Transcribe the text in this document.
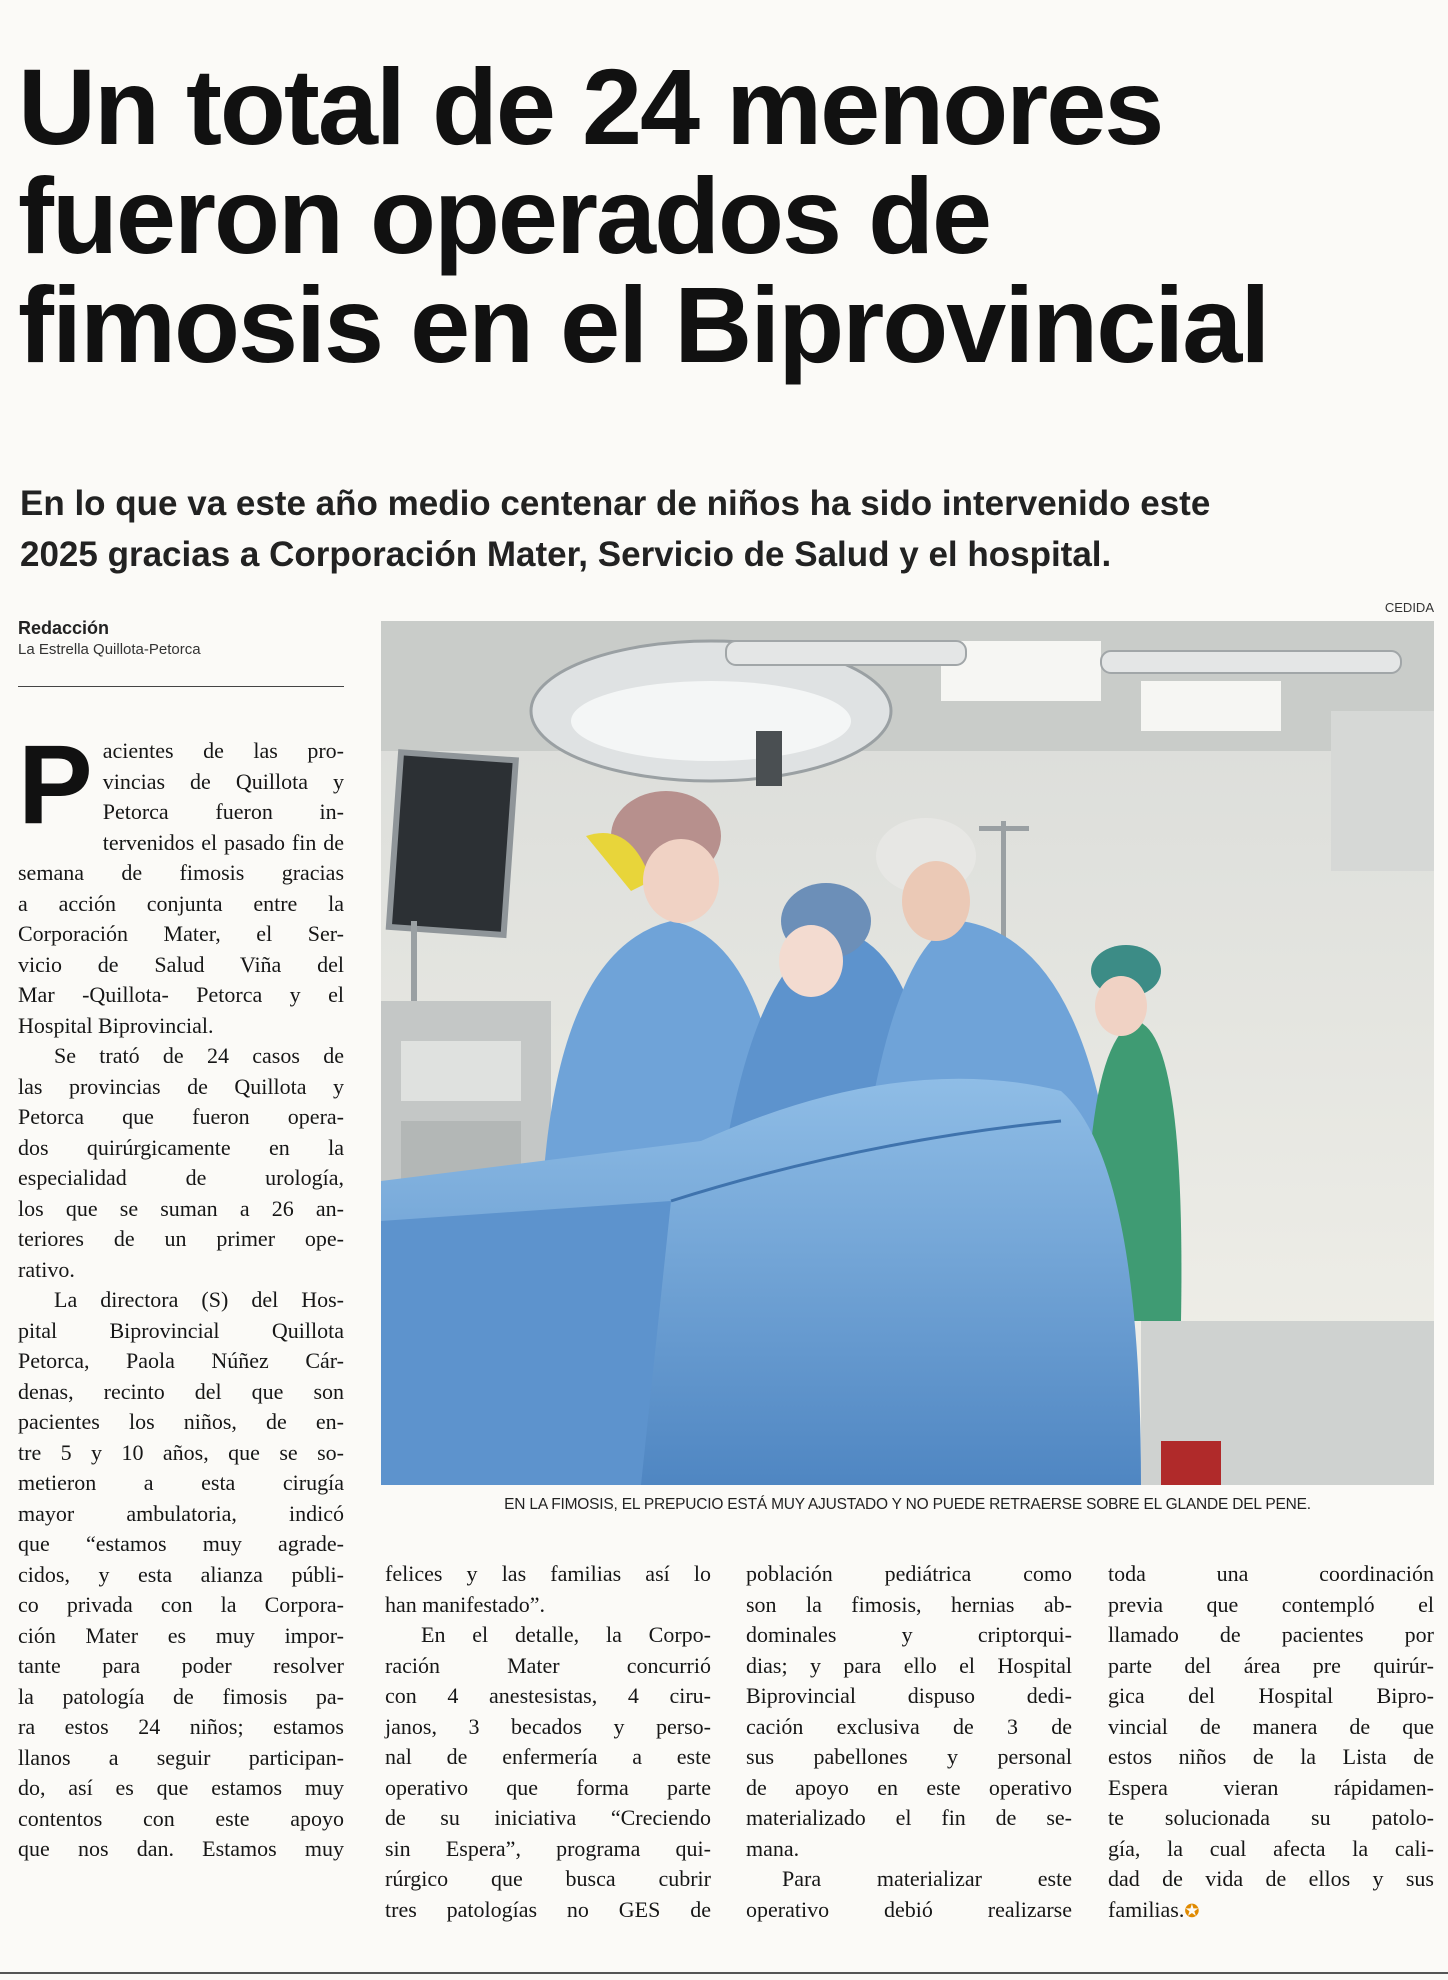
Un total de 24 menores
fueron operados de
fimosis en el Biprovincial
En lo que va este año medio centenar de niños ha sido intervenido este
2025 gracias a Corporación Mater, Servicio de Salud y el hospital.
CEDIDA
Redacción
La Estrella Quillota-Petorca
EN LA FIMOSIS, EL PREPUCIO ESTÁ MUY AJUSTADO Y NO PUEDE RETRAERSE SOBRE EL GLANDE DEL PENE.

P acientes de las pro-
vincias de Quillota y
Petorca fueron in-
tervenidos el pasado fin de
semana de fimosis gracias
a acción conjunta entre la
Corporación Mater, el Ser-
vicio de Salud Viña del
Mar -Quillota- Petorca y el
Hospital Biprovincial.

Se trató de 24 casos de
las provincias de Quillota y
Petorca que fueron opera-
dos quirúrgicamente en la
especialidad de urología,
los que se suman a 26 an-
teriores de un primer ope-
rativo.

La directora (S) del Hos-
pital Biprovincial Quillota
Petorca, Paola Núñez Cár-
denas, recinto del que son
pacientes los niños, de en-
tre 5 y 10 años, que se so-
metieron a esta cirugía
mayor ambulatoria, indicó
que “estamos muy agrade-
cidos, y esta alianza públi-
co privada con la Corpora-
ción Mater es muy impor-
tante para poder resolver
la patología de fimosis pa-
ra estos 24 niños; estamos
llanos a seguir participan-
do, así es que estamos muy
contentos con este apoyo
que nos dan. Estamos muy

felices y las familias así lo
han manifestado”.

En el detalle, la Corpo-
ración Mater concurrió
con 4 anestesistas, 4 ciru-
janos, 3 becados y perso-
nal de enfermería a este
operativo que forma parte
de su iniciativa “Creciendo
sin Espera”, programa qui-
rúrgico que busca cubrir
tres patologías no GES de

población pediátrica como
son la fimosis, hernias ab-
dominales y criptorqui-
dias; y para ello el Hospital
Biprovincial dispuso dedi-
cación exclusiva de 3 de
sus pabellones y personal
de apoyo en este operativo
materializado el fin de se-
mana.

Para materializar este
operativo debió realizarse

toda una coordinación
previa que contempló el
llamado de pacientes por
parte del área pre quirúr-
gica del Hospital Bipro-
vincial de manera de que
estos niños de la Lista de
Espera vieran rápidamen-
te solucionada su patolo-
gía, la cual afecta la cali-
dad de vida de ellos y sus
familias.✪
